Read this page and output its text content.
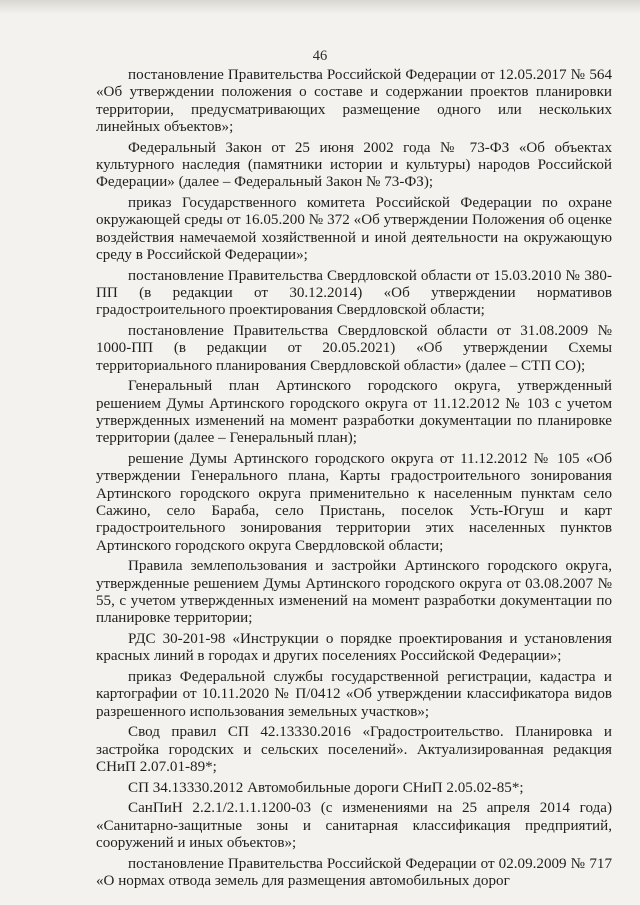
46

постановление Правительства Российской Федерации от 12.05.2017 № 564 «Об утверждении положения о составе и содержании проектов планировки территории, предусматривающих размещение одного или нескольких линейных объектов»;

Федеральный Закон от 25 июня 2002 года № 73-ФЗ «Об объектах культурного наследия (памятники истории и культуры) народов Российской Федерации» (далее – Федеральный Закон № 73-ФЗ);

приказ Государственного комитета Российской Федерации по охране окружающей среды от 16.05.200 № 372 «Об утверждении Положения об оценке воздействия намечаемой хозяйственной и иной деятельности на окружающую среду в Российской Федерации»;

постановление Правительства Свердловской области от 15.03.2010 № 380-ПП (в редакции от 30.12.2014) «Об утверждении нормативов градостроительного проектирования Свердловской области;

постановление Правительства Свердловской области от 31.08.2009 № 1000-ПП (в редакции от 20.05.2021) «Об утверждении Схемы территориального планирования Свердловской области» (далее – СТП СО);

Генеральный план Артинского городского округа, утвержденный решением Думы Артинского городского округа от 11.12.2012 № 103 с учетом утвержденных изменений на момент разработки документации по планировке территории (далее – Генеральный план);

решение Думы Артинского городского округа от 11.12.2012 № 105 «Об утверждении Генерального плана, Карты градостроительного зонирования Артинского городского округа применительно к населенным пунктам село Сажино, село Бараба, село Пристань, поселок Усть-Югуш и карт градостроительного зонирования территории этих населенных пунктов Артинского городского округа Свердловской области;

Правила землепользования и застройки Артинского городского округа, утвержденные решением Думы Артинского городского округа от 03.08.2007 № 55, с учетом утвержденных изменений на момент разработки документации по планировке территории;

РДС 30-201-98 «Инструкции о порядке проектирования и установления красных линий в городах и других поселениях Российской Федерации»;

приказ Федеральной службы государственной регистрации, кадастра и картографии от 10.11.2020 № П/0412 «Об утверждении классификатора видов разрешенного использования земельных участков»;

Свод правил СП 42.13330.2016 «Градостроительство. Планировка и застройка городских и сельских поселений». Актуализированная редакция СНиП 2.07.01-89*;

СП 34.13330.2012 Автомобильные дороги СНиП 2.05.02-85*;

СанПиН 2.2.1/2.1.1.1200-03 (с изменениями на 25 апреля 2014 года) «Санитарно-защитные зоны и санитарная классификация предприятий, сооружений и иных объектов»;

постановление Правительства Российской Федерации от 02.09.2009 № 717 «О нормах отвода земель для размещения автомобильных дорог
